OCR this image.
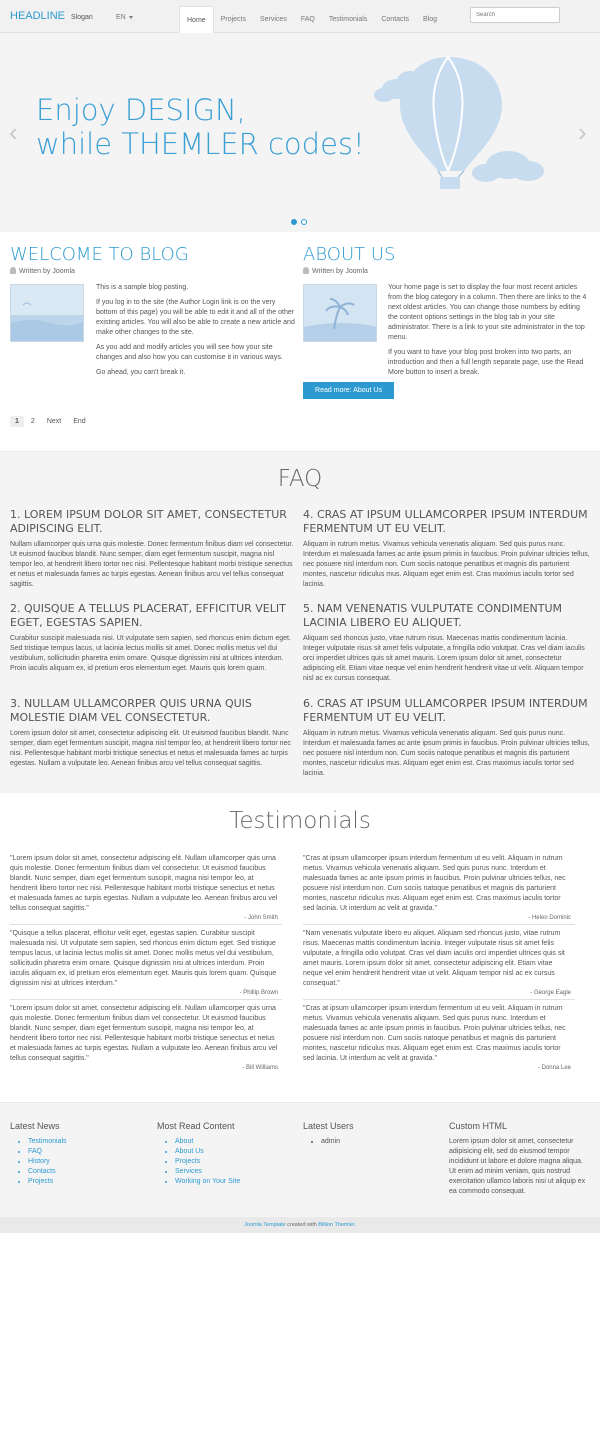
HEADLINE Slogan	EN	Home	Projects	Services	FAQ	Testimonials	Contacts	Blog
Search
Enjoy DESIGN,
while THEMLER codes!
‹	›
WELCOME TO BLOG
Written by Joomla

This is a sample blog posting.

If you log in to the site (the Author Login link is on the very bottom of this page) you will be able to edit it and all of the other existing articles. You will also be able to create a new article and make other changes to the site.

As you add and modify articles you will see how your site changes and also how you can customise it in various ways.

Go ahead, you can't break it.

ABOUT US
Written by Joomla

Your home page is set to display the four most recent articles from the blog category in a column. Then there are links to the 4 next oldest articles. You can change those numbers by editing the content options settings in the blog tab in your site administrator. There is a link to your site administrator in the top menu.

If you want to have your blog post broken into two parts, an introduction and then a full length separate page, use the Read More button to insert a break.

Read more: About Us
1	2	Next	End
FAQ
1. LOREM IPSUM DOLOR SIT AMET, CONSECTETUR ADIPISCING ELIT.

Nullam ullamcorper quis urna quis molestie. Donec fermentum finibus diam vel consectetur. Ut euismod faucibus blandit. Nunc semper, diam eget fermentum suscipit, magna nisl tempor leo, at hendrerit libero tortor nec nisi. Pellentesque habitant morbi tristique senectus et netus et malesuada fames ac turpis egestas. Aenean finibus arcu vel tellus consequat sagittis.

4. CRAS AT IPSUM ULLAMCORPER IPSUM INTERDUM FERMENTUM UT EU VELIT.

Aliquam in rutrum metus. Vivamus vehicula venenatis aliquam. Sed quis purus nunc. Interdum et malesuada fames ac ante ipsum primis in faucibus. Proin pulvinar ultricies tellus, nec posuere nisl interdum non. Cum sociis natoque penatibus et magnis dis parturient montes, nascetur ridiculus mus. Aliquam eget enim est. Cras maximus iaculis tortor sed lacinia.

2. QUISQUE A TELLUS PLACERAT, EFFICITUR VELIT EGET, EGESTAS SAPIEN.

Curabitur suscipit malesuada nisi. Ut vulputate sem sapien, sed rhoncus enim dictum eget. Sed tristique tempus lacus, ut lacinia lectus mollis sit amet. Donec mollis metus vel dui vestibulum, sollicitudin pharetra enim ornare. Quisque dignissim nisi at ultrices interdum. Proin iaculis aliquam ex, id pretium eros elementum eget. Mauris quis lorem quam.

5. NAM VENENATIS VULPUTATE CONDIMENTUM LACINIA LIBERO EU ALIQUET.

Aliquam sed rhoncus justo, vitae rutrum risus. Maecenas mattis condimentum lacinia. Integer vulputate risus sit amet felis vulputate, a fringilla odio volutpat. Cras vel diam iaculis orci imperdiet ultrices quis sit amet mauris. Lorem ipsum dolor sit amet, consectetur adipiscing elit. Etiam vitae neque vel enim hendrerit hendrerit vitae ut velit. Aliquam tempor nisl ac ex cursus consequat.

3. NULLAM ULLAMCORPER QUIS URNA QUIS MOLESTIE DIAM VEL CONSECTETUR.

Lorem ipsum dolor sit amet, consectetur adipiscing elit. Ut euismod faucibus blandit. Nunc semper, diam eget fermentum suscipit, magna nisl tempor leo, at hendrerit libero tortor nec nisi. Pellentesque habitant morbi tristique senectus et netus et malesuada fames ac turpis egestas. Nullam a vulputate leo. Aenean finibus arcu vel tellus consequat sagittis.

6. CRAS AT IPSUM ULLAMCORPER IPSUM INTERDUM FERMENTUM UT EU VELIT.

Aliquam in rutrum metus. Vivamus vehicula venenatis aliquam. Sed quis purus nunc. Interdum et malesuada fames ac ante ipsum primis in faucibus. Proin pulvinar ultricies tellus, nec posuere nisl interdum non. Cum sociis natoque penatibus et magnis dis parturient montes, nascetur ridiculus mus. Aliquam eget enim est. Cras maximus iaculis tortor sed lacinia.

Testimonials

"Lorem ipsum dolor sit amet, consectetur adipiscing elit. Nullam ullamcorper quis urna quis molestie. Donec fermentum finibus diam vel consectetur. Ut euismod faucibus blandit. Nunc semper, diam eget fermentum suscipit, magna nisi tempor leo, at hendrerit libero tortor nec nisi. Pellentesque habitant morbi tristique senectus et netus et malesuada fames ac turpis egestas. Nullam a vulputate leo. Aenean finibus arcu vel tellus consequat sagittis."

- John Smith

"Quisque a tellus placerat, efficitur velit eget, egestas sapien. Curabitur suscipit malesuada nisi. Ut vulputate sem sapien, sed rhoncus enim dictum eget. Sed tristique tempus lacus, ut lacinia lectus mollis sit amet. Donec mollis metus vel dui vestibulum, sollicitudin pharetra enim ornare. Quisque dignissim nisi at ultrices interdum. Proin iaculis aliquam ex, id pretium eros elementum eget. Mauris quis lorem quam. Quisque dignissim nisi at ultrices interdum."

- Phillip Brown

"Lorem ipsum dolor sit amet, consectetur adipiscing elit. Nullam ullamcorper quis urna quis molestie. Donec fermentum finibus diam vel consectetur. Ut euismod faucibus blandit. Nunc semper, diam eget fermentum suscipit, magna nisi tempor leo, at hendrerit libero tortor nec nisi. Pellentesque habitant morbi tristique senectus et netus et malesuada fames ac turpis egestas. Nullam a vulputate leo. Aenean finibus arcu vel tellus consequat sagittis."

- Bill Williams

"Cras at ipsum ullamcorper ipsum interdum fermentum ut eu velit. Aliquam in rutrum metus. Vivamus vehicula venenatis aliquam. Sed quis purus nunc. Interdum et malesuada fames ac ante ipsum primis in faucibus. Proin pulvinar ultricies tellus, nec posuere nisl interdum non. Cum sociis natoque penatibus et magnis dis parturient montes, nascetur ridiculus mus. Aliquam eget enim est. Cras maximus iaculis tortor sed lacinia. Ut interdum ac velit at gravida."

- Helen Dominic

"Nam venenatis vulputate libero eu aliquet. Aliquam sed rhoncus justo, vitae rutrum risus. Maecenas mattis condimentum lacinia. Integer vulputate risus sit amet felis vulputate, a fringilla odio volutpat. Cras vel diam iaculis orci imperdiet ultrices quis sit amet mauris. Lorem ipsum dolor sit amet, consectetur adipiscing elit. Etiam vitae neque vel enim hendrerit hendrerit vitae ut velit. Aliquam tempor nisl ac ex cursus consequat."

- George Eagle

"Cras at ipsum ullamcorper ipsum interdum fermentum ut eu velit. Aliquam in rutrum metus. Vivamus vehicula venenatis aliquam. Sed quis purus nunc. Interdum et malesuada fames ac ante ipsum primis in faucibus. Proin pulvinar ultricies tellus, nec posuere nisl interdum non. Cum sociis natoque penatibus et magnis dis parturient montes, nascetur ridiculus mus. Aliquam eget enim est. Cras maximus iaculis tortor sed lacinia. Ut interdum ac velit at gravida."

- Donna Lee
Latest News
• Testimonials
• FAQ
• History
• Contacts
• Projects
Most Read Content
• About
• About Us
• Projects
• Services
• Working on Your Site
Latest Users
• admin
Custom HTML

Lorem ipsum dolor sit amet, consectetur adipisicing elit, sed do eiusmod tempor incididunt ut labore et dolore magna aliqua. Ut enim ad minim veniam, quis nostrud exercitation ullamco laboris nisi ut aliquip ex ea commodo consequat.

Joomla Template created with Billion Themler.
